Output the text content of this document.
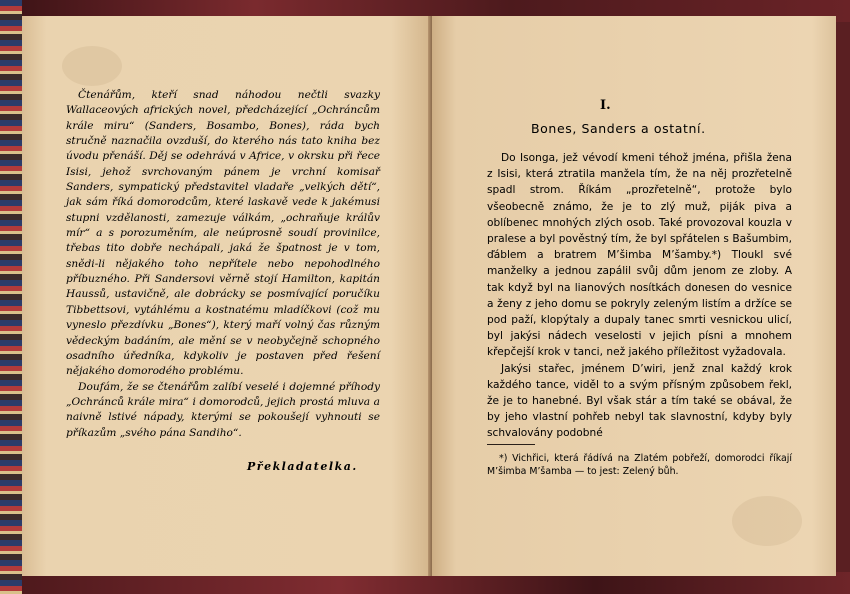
Čtenářům, kteří snad náhodou nečtli svazky Wallaceových afrických novel, předcházející „Ochráncům krále miru“ (Sanders, Bosambo, Bones), ráda bych stručně naznačila ovzduší, do kterého nás tato kniha bez úvodu přenáší. Děj se odehrává v Africe, v okrsku při řece Isisi, jehož svrchovaným pánem je vrchní komisař Sanders, sympatický představitel vladaře „velkých dětí“, jak sám říká domorodcům, které laskavě vede k jakémusi stupni vzdělanosti, zamezuje válkám, „ochraňuje králův mír“ a s porozuměním, ale neúprosně soudí provinilce, třebas tito dobře nechápali, jaká že špatnost je v tom, snědi-li nějakého toho nepřítele nebo nepohodlného příbuzného. Při Sandersovi věrně stojí Hamilton, kapitán Haussů, ustavičně, ale dobrácky se posmívající poručíku Tibbettsovi, vytáhlému a kostnatému mladíčkovi (což mu vyneslo přezdívku „Bones“), který maří volný čas různým vědeckým badáním, ale mění se v neobyčejně schopného osadního úředníka, kdykoliv je postaven před řešení nějakého domorodého problému.

Doufám, že se čtenářům zalíbí veselé i dojemné příhody „Ochránců krále mira“ i domorodců, jejich prostá mluva a naivně lstivé nápady, kterými se pokoušejí vyhnouti se příkazům „svého pána Sandiho“.

Překladatelka.
I.
Bones, Sanders a ostatní.

Do Isonga, jež vévodí kmeni téhož jména, přišla žena z Isisi, která ztratila manžela tím, že na něj prozřetelně spadl strom. Říkám „prozřetelně“, protože bylo všeobecně známo, že je to zlý muž, piják piva a oblíbenec mnohých zlých osob. Také provozoval kouzla v pralese a byl pověstný tím, že byl spřátelen s Bašumbim, ďáblem a bratrem M’šimba M’šamby.*) Tloukl své manželky a jednou zapálil svůj dům jenom ze zloby. A tak když byl na lianových nosítkách donesen do vesnice a ženy z jeho domu se pokryly zeleným listím a držíce se pod paží, klopýtaly a dupaly tanec smrti vesnickou ulicí, byl jakýsi nádech veselosti v jejich písni a mnohem křepčejší krok v tanci, než jakého příležitost vyžadovala.

Jakýsi stařec, jménem D’wiri, jenž znal každý krok každého tance, viděl to a svým přísným způsobem řekl, že je to hanebné. Byl však stár a tím také se obával, že by jeho vlastní pohřeb nebyl tak slavnostní, kdyby byly schvalovány podobné

*) Vichřici, která řádívá na Zlatém pobřeží, domorodci říkají M’šimba M’šamba — to jest: Zelený bůh.
